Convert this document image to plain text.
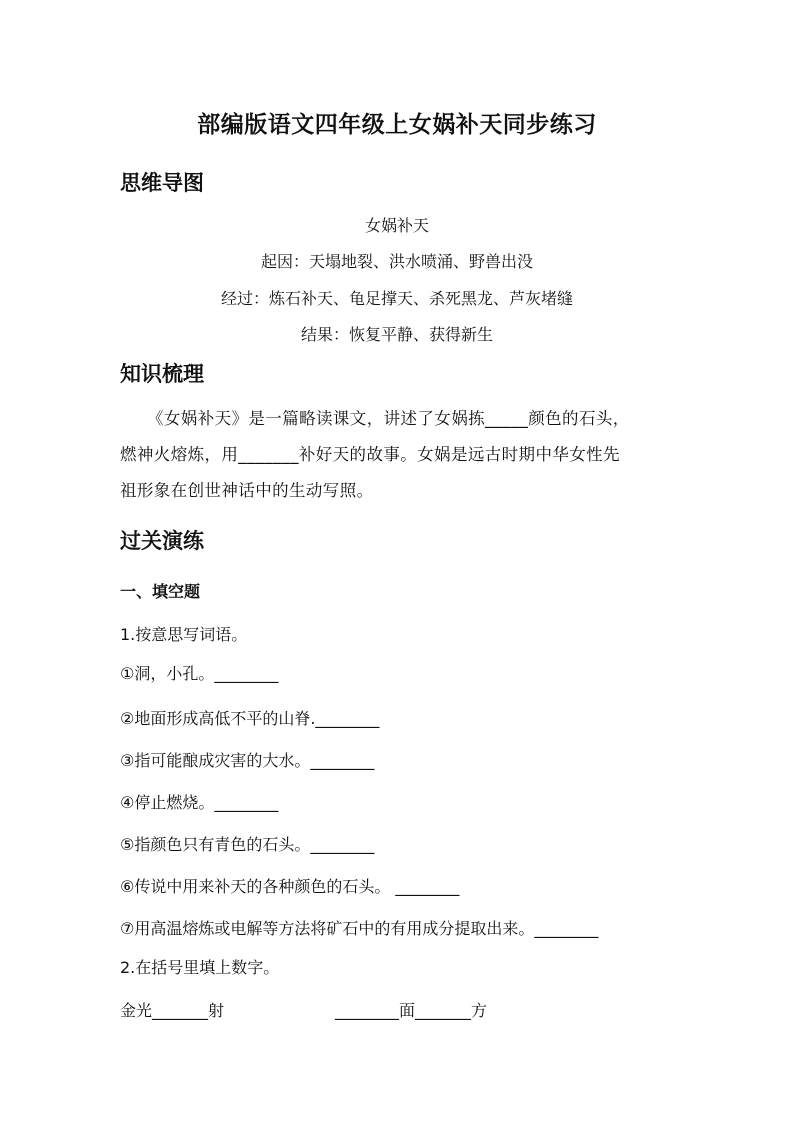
部编版语文四年级上女娲补天同步练习
思维导图
女娲补天
起因：天塌地裂、洪水喷涌、野兽出没
经过：炼石补天、龟足撑天、杀死黑龙、芦灰堵缝
结果：恢复平静、获得新生
知识梳理
《女娲补天》是一篇略读课文，讲述了女娲拣_____颜色的石头，
燃神火熔炼，用_______补好天的故事。女娲是远古时期中华女性先
祖形象在创世神话中的生动写照。
过关演练
一、填空题
1.按意思写词语。
①洞，小孔。________
②地面形成高低不平的山脊.________
③指可能酿成灾害的大水。________
④停止燃烧。________
⑤指颜色只有青色的石头。________
⑥传说中用来补天的各种颜色的石头。 ________
⑦用高温熔炼或电解等方法将矿石中的有用成分提取出来。________
2.在括号里填上数字。
金光_______射	________面_______方
